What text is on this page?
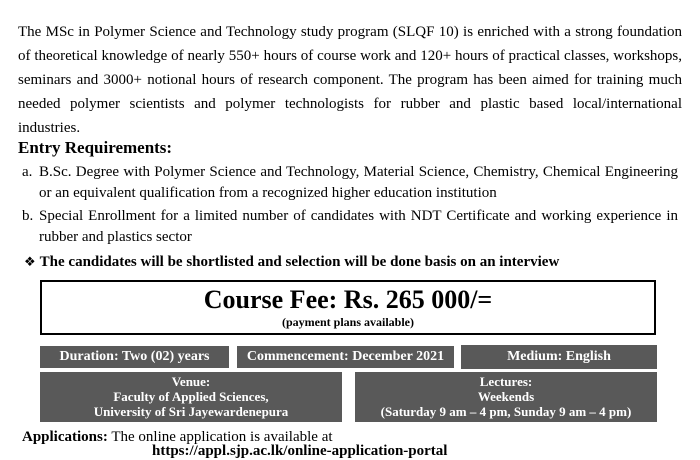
The MSc in Polymer Science and Technology study program (SLQF 10) is enriched with a strong foundation of theoretical knowledge of nearly 550+ hours of course work and 120+ hours of practical classes, workshops, seminars and 3000+ notional hours of research component. The program has been aimed for training much needed polymer scientists and polymer technologists for rubber and plastic based local/international industries.

Entry Requirements:
a. B.Sc. Degree with Polymer Science and Technology, Material Science, Chemistry, Chemical Engineering or an equivalent qualification from a recognized higher education institution
b. Special Enrollment for a limited number of candidates with NDT Certificate and working experience in rubber and plastics sector
❖ The candidates will be shortlisted and selection will be done basis on an interview
Course Fee: Rs. 265 000/=
(payment plans available)
Duration: Two (02) years	Commencement: December 2021	Medium: English
Venue:
Faculty of Applied Sciences,
University of Sri Jayewardenepura
Lectures:
Weekends
(Saturday 9 am – 4 pm, Sunday 9 am – 4 pm)
Applications: The online application is available at
https://appl.sjp.ac.lk/online-application-portal
